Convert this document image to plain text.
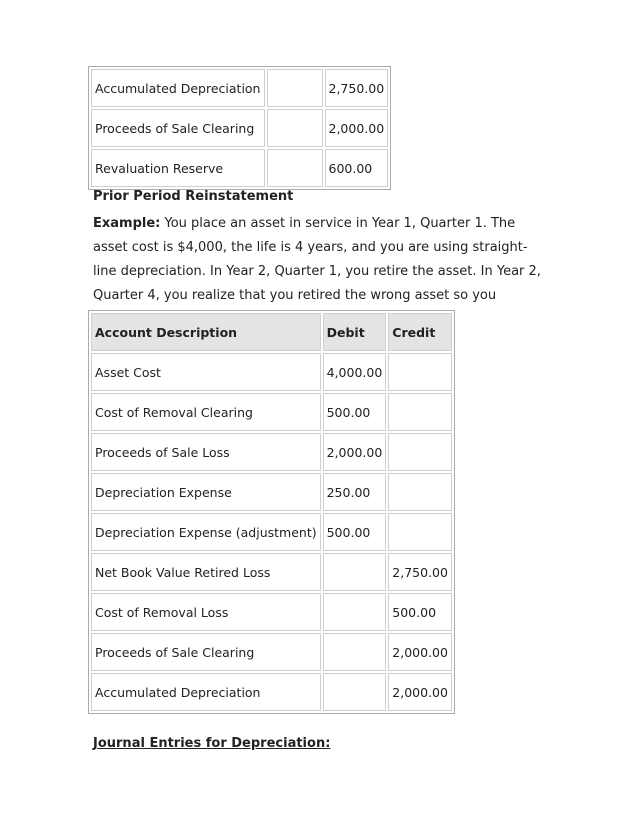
Accumulated Depreciation		2,750.00
Proceeds of Sale Clearing		2,000.00
Revaluation Reserve		600.00
Prior Period Reinstatement
Example: You place an asset in service in Year 1, Quarter 1. The asset cost is $4,000, the life is 4 years, and you are using straight-line depreciation. In Year 2, Quarter 1, you retire the asset. In Year 2, Quarter 4, you realize that you retired the wrong asset so you
Account Description	Debit	Credit
Asset Cost	4,000.00	
Cost of Removal Clearing	500.00	
Proceeds of Sale Loss	2,000.00	
Depreciation Expense	250.00	
Depreciation Expense (adjustment)	500.00	
Net Book Value Retired Loss		2,750.00
Cost of Removal Loss		500.00
Proceeds of Sale Clearing		2,000.00
Accumulated Depreciation		2,000.00
Journal Entries for Depreciation:
